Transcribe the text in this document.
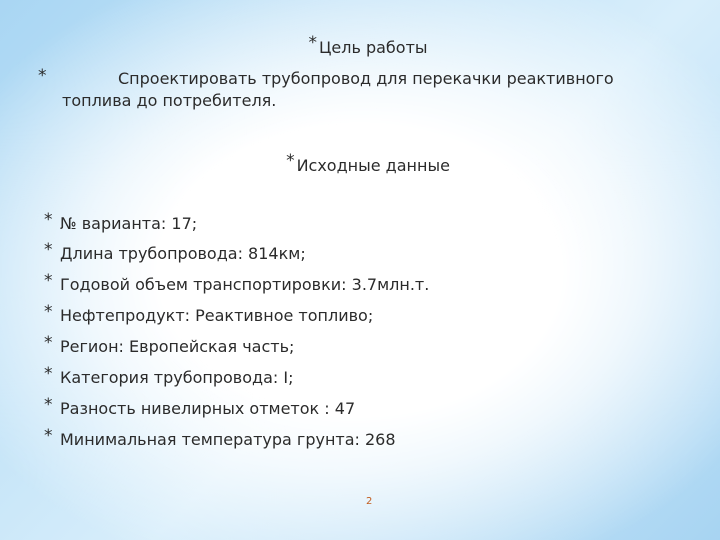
* Цель работы
*	Спроектировать трубопровод для перекачки реактивного
топлива до потребителя.
* Исходные данные
* № варианта: 17;
* Длина трубопровода: 814км;
* Годовой объем транспортировки: 3.7млн.т.
* Нефтепродукт: Реактивное топливо;
* Регион: Европейская часть;
* Категория трубопровода: I;
* Разность нивелирных отметок : 47
* Минимальная температура грунта: 268
2
